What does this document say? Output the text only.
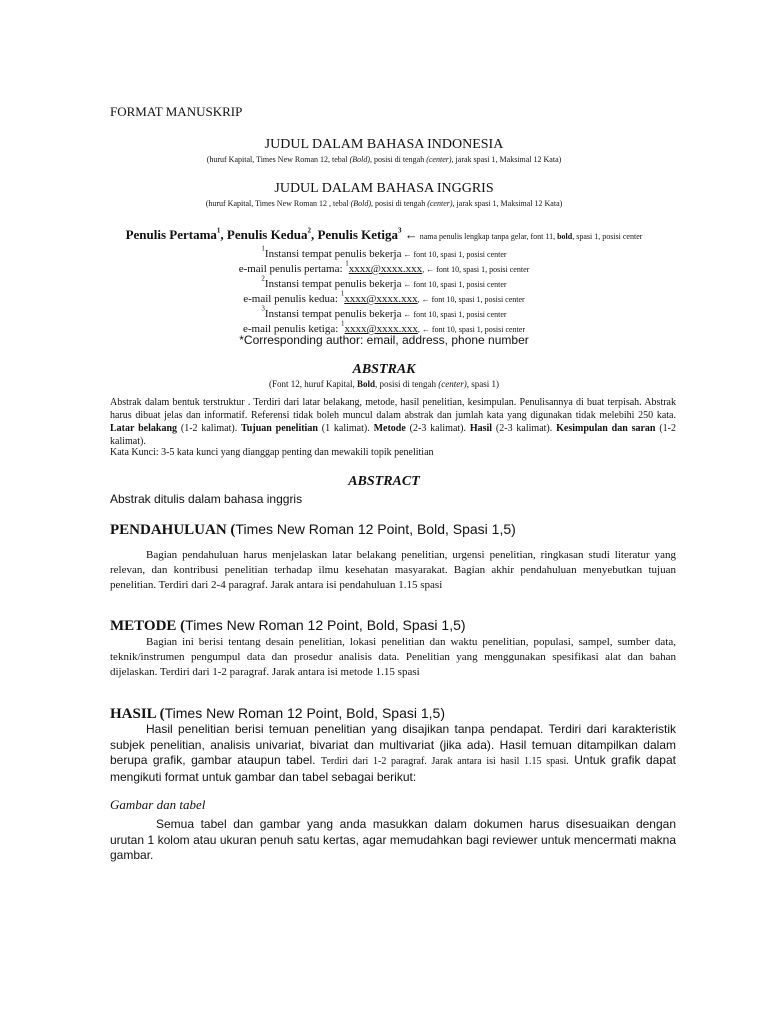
FORMAT MANUSKRIP
JUDUL DALAM BAHASA INDONESIA
(huruf Kapital, Times New Roman 12, tebal (Bold), posisi di tengah (center), jarak spasi 1, Maksimal 12 Kata)
JUDUL DALAM BAHASA INGGRIS
(huruf Kapital, Times New Roman 12 , tebal (Bold), posisi di tengah (center), jarak spasi 1, Maksimal 12 Kata)
Penulis Pertama$^1$, Penulis Kedua$^2$, Penulis Ketiga$^3$ ← nama penulis lengkap tanpa gelar, font 11, bold, spasi 1, posisi center
$^1$Instansi tempat penulis bekerja ← font 10, spasi 1, posisi center
e-mail penulis pertama: $^1$xxxx@xxxx.xxx, ← font 10, spasi 1, posisi center
$^2$Instansi tempat penulis bekerja ← font 10, spasi 1, posisi center
e-mail penulis kedua: $^1$xxxx@xxxx.xxx, ← font 10, spasi 1, posisi center
$^3$Instansi tempat penulis bekerja ← font 10, spasi 1, posisi center
e-mail penulis ketiga: $^1$xxxx@xxxx.xxx, ← font 10, spasi 1, posisi center
*Corresponding author: email, address, phone number
ABSTRAK
(Font 12, huruf Kapital, Bold, posisi di tengah (center), spasi 1)
Abstrak dalam bentuk terstruktur . Terdiri dari latar belakang, metode, hasil penelitian, kesimpulan. Penulisannya di buat terpisah. Abstrak harus dibuat jelas dan informatif. Referensi tidak boleh muncul dalam abstrak dan jumlah kata yang digunakan tidak melebihi 250 kata. Latar belakang (1-2 kalimat). Tujuan penelitian (1 kalimat). Metode (2-3 kalimat). Hasil (2-3 kalimat). Kesimpulan dan saran (1-2 kalimat).
Kata Kunci: 3-5 kata kunci yang dianggap penting dan mewakili topik penelitian
ABSTRACT
Abstrak ditulis dalam bahasa inggris
PENDAHULUAN (Times New Roman 12 Point, Bold, Spasi 1,5)
Bagian pendahuluan harus menjelaskan latar belakang penelitian, urgensi penelitian, ringkasan studi literatur yang relevan, dan kontribusi penelitian terhadap ilmu kesehatan masyarakat. Bagian akhir pendahuluan menyebutkan tujuan penelitian. Terdiri dari 2-4 paragraf. Jarak antara isi pendahuluan 1.15 spasi
METODE (Times New Roman 12 Point, Bold, Spasi 1,5)
Bagian ini berisi tentang desain penelitian, lokasi penelitian dan waktu penelitian, populasi, sampel, sumber data, teknik/instrumen pengumpul data dan prosedur analisis data. Penelitian yang menggunakan spesifikasi alat dan bahan dijelaskan. Terdiri dari 1-2 paragraf. Jarak antara isi metode 1.15 spasi
HASIL (Times New Roman 12 Point, Bold, Spasi 1,5)
Hasil penelitian berisi temuan penelitian yang disajikan tanpa pendapat. Terdiri dari karakteristik subjek penelitian, analisis univariat, bivariat dan multivariat (jika ada). Hasil temuan ditampilkan dalam berupa grafik, gambar ataupun tabel. Terdiri dari 1-2 paragraf. Jarak antara isi hasil 1.15 spasi. Untuk grafik dapat mengikuti format untuk gambar dan tabel sebagai berikut:
Gambar dan tabel
Semua tabel dan gambar yang anda masukkan dalam dokumen harus disesuaikan dengan urutan 1 kolom atau ukuran penuh satu kertas, agar memudahkan bagi reviewer untuk mencermati makna gambar.
